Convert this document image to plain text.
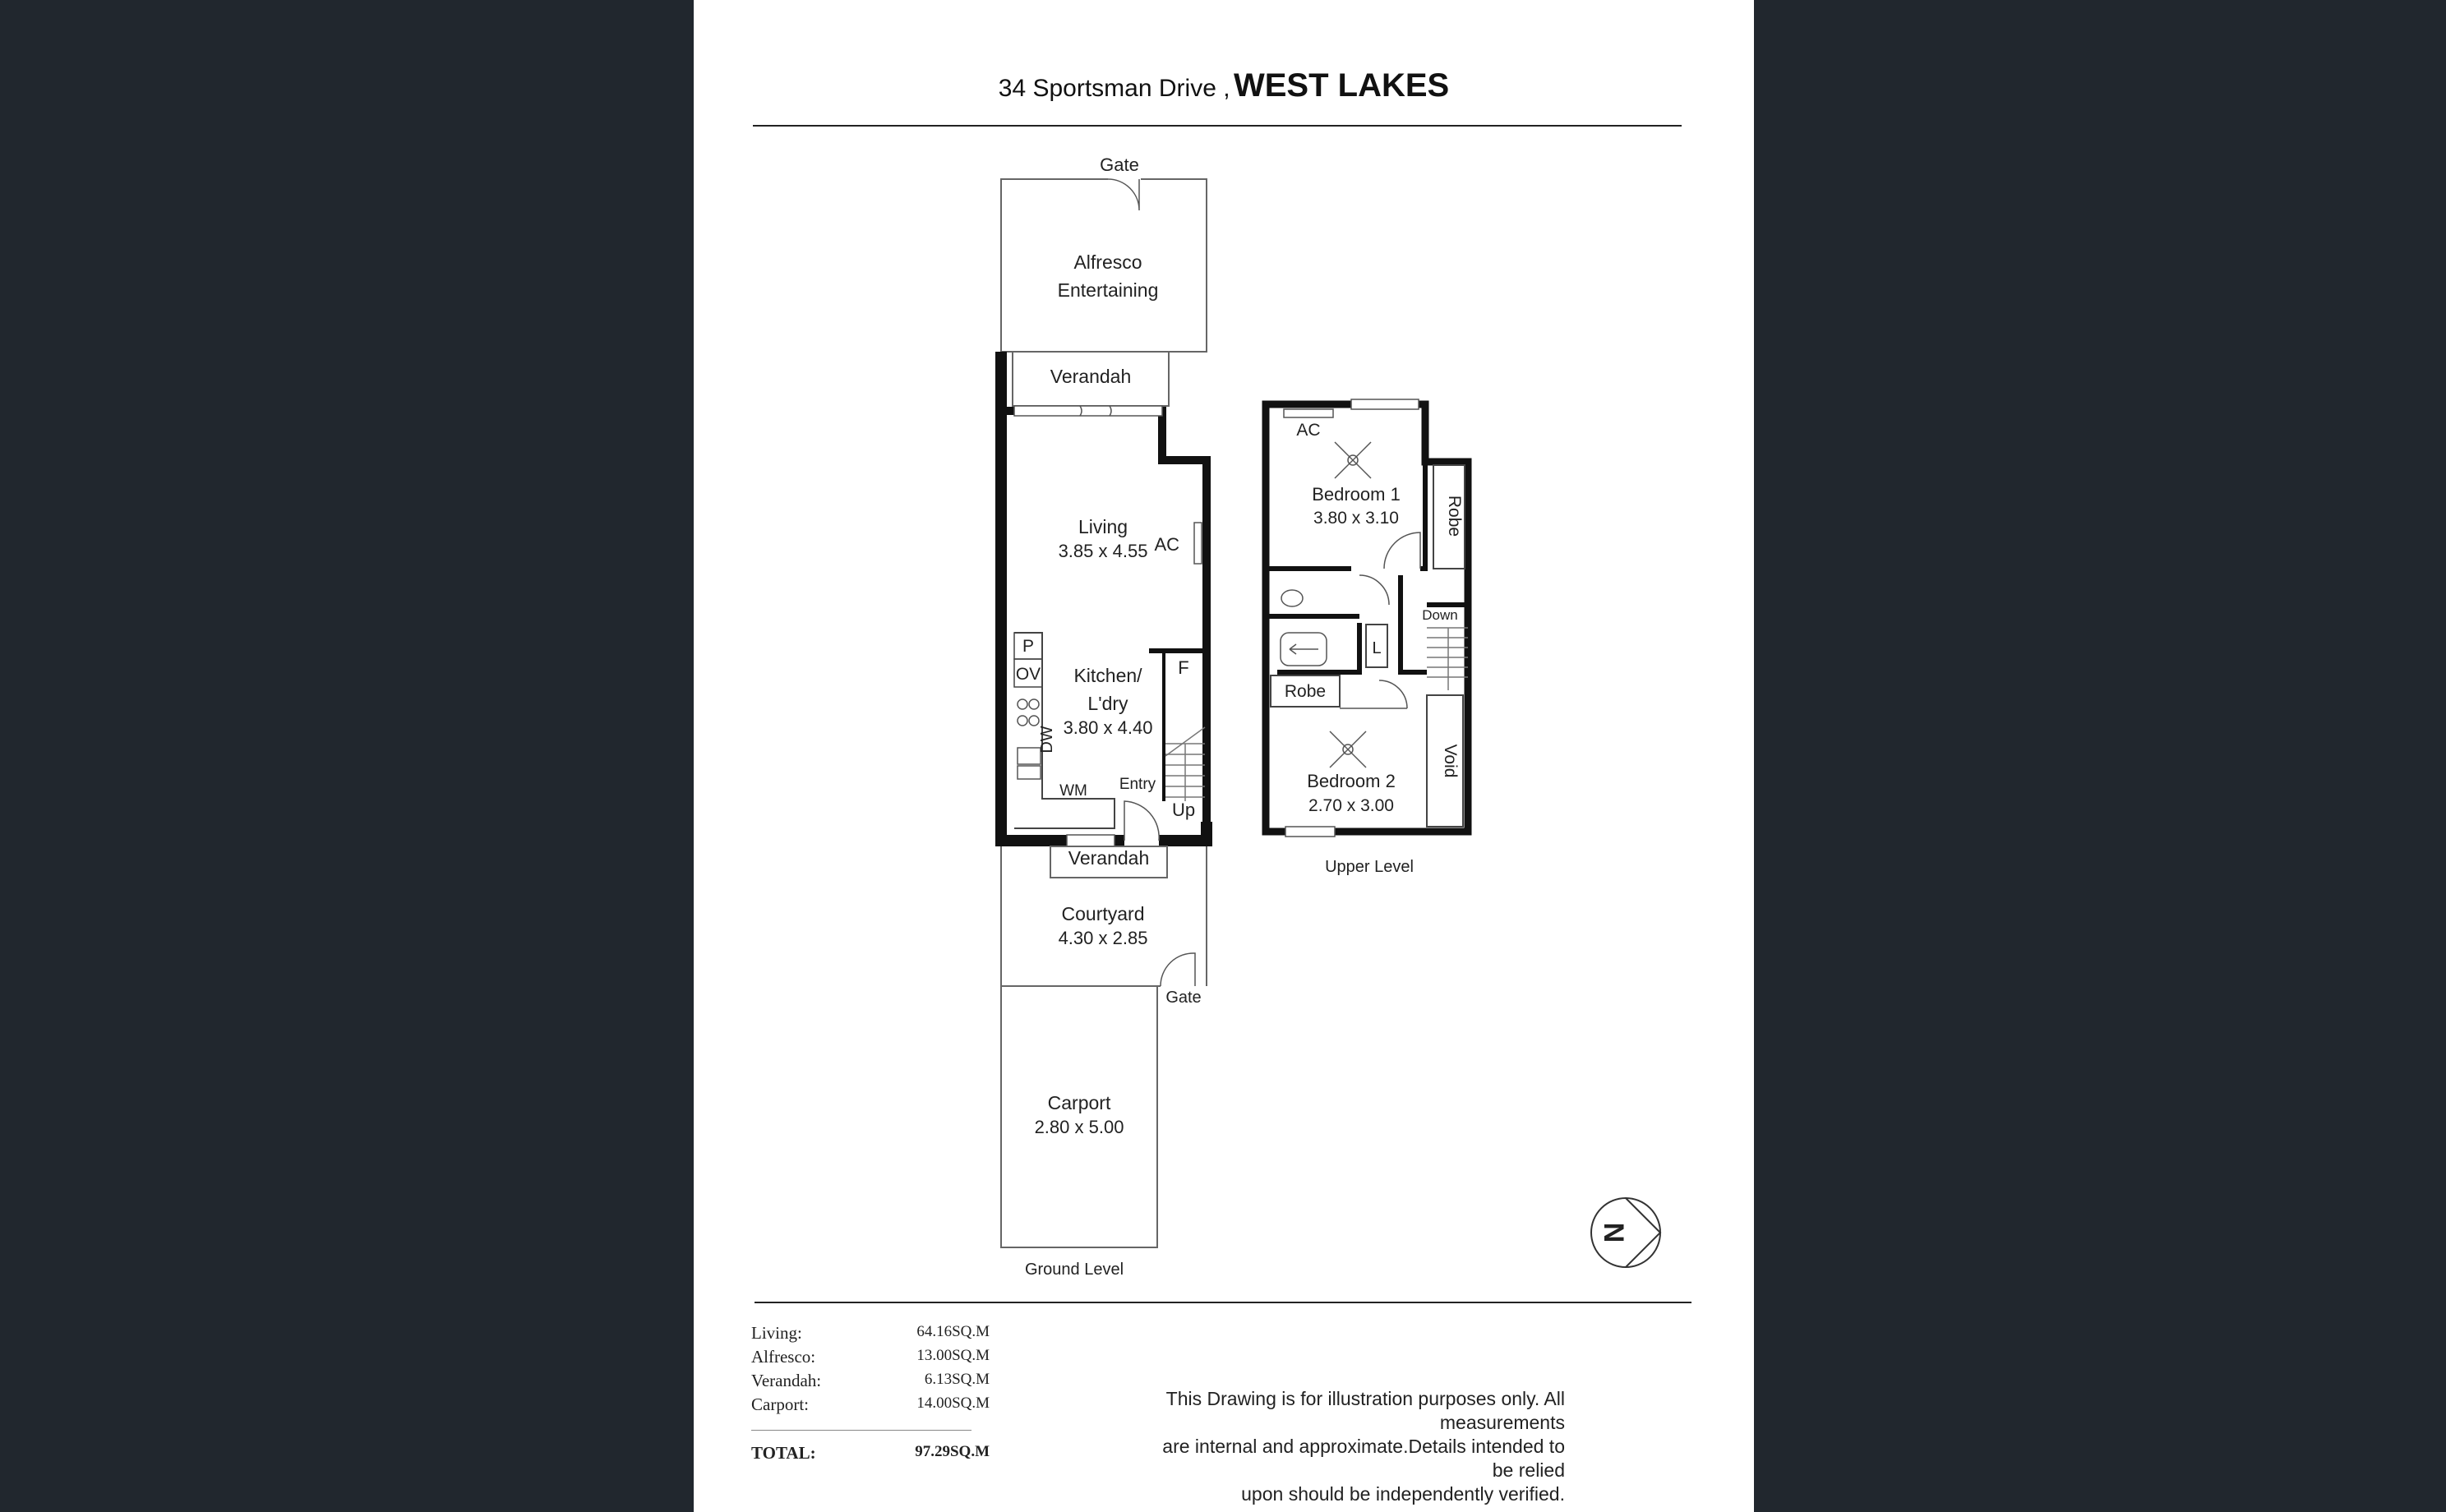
34 Sportsman Drive , WEST LAKES
Gate
Alfresco
Entertaining
Verandah
AC
Living
3.85 x 4.55
F
Up
Entry
P
OV
DW
WM
Kitchen/
L'dry
3.80 x 4.40
Verandah
Courtyard
4.30 x 2.85
Gate
Carport
2.80 x 5.00
Ground Level
AC
Robe
Bedroom 1
3.80 x 3.10
L
Down
Robe
Void
Bedroom 2
2.70 x 3.00
Upper Level
N
Living:	64.16SQ.M
Alfresco:	13.00SQ.M
Verandah:	6.13SQ.M
Carport:	14.00SQ.M
TOTAL:	97.29SQ.M
This Drawing is for illustration purposes only. All measurements
are internal and approximate.Details intended to be relied
upon should be independently verified.
